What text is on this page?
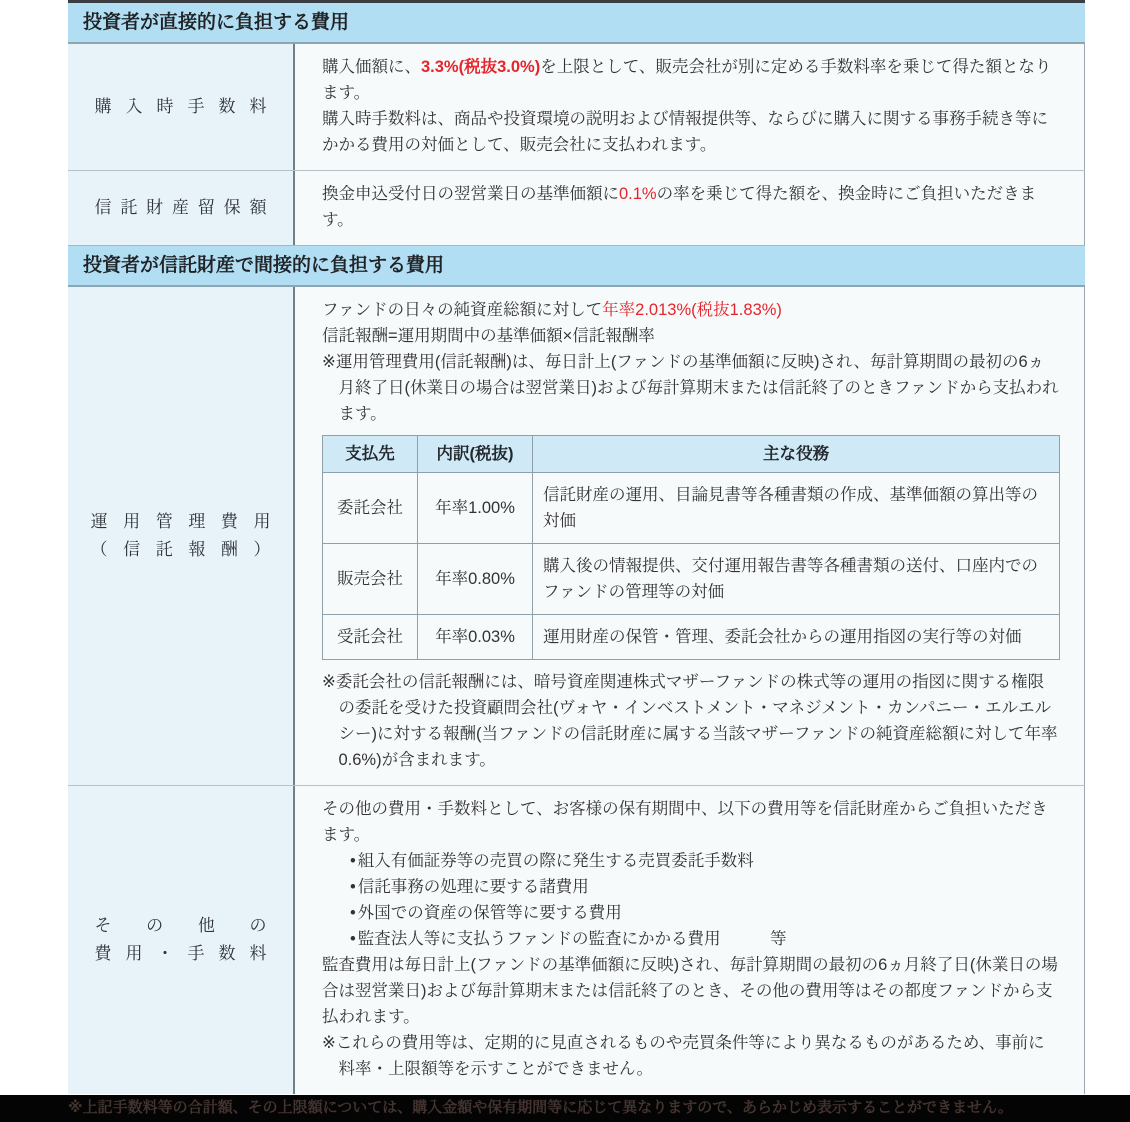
投資者が直接的に負担する費用
購入時手数料

購入価額に、3.3%(税抜3.0%)を上限として、販売会社が別に定める手数料率を乗じて得た額となります。

購入時手数料は、商品や投資環境の説明および情報提供等、ならびに購入に関する事務手続き等にかかる費用の対価として、販売会社に支払われます。

信託財産留保額

換金申込受付日の翌営業日の基準価額に0.1%の率を乗じて得た額を、換金時にご負担いただきます。

投資者が信託財産で間接的に負担する費用
運用管理費用
（信託報酬）

ファンドの日々の純資産総額に対して年率2.013%(税抜1.83%)

信託報酬=運用期間中の基準価額×信託報酬率

※運用管理費用(信託報酬)は、毎日計上(ファンドの基準価額に反映)され、毎計算期間の最初の6ヵ月終了日(休業日の場合は翌営業日)および毎計算期末または信託終了のときファンドから支払われます。

支払先	内訳(税抜)	主な役務
委託会社	年率1.00%	信託財産の運用、目論見書等各種書類の作成、基準価額の算出等の対価
販売会社	年率0.80%	購入後の情報提供、交付運用報告書等各種書類の送付、口座内でのファンドの管理等の対価
受託会社	年率0.03%	運用財産の保管・管理、委託会社からの運用指図の実行等の対価

※委託会社の信託報酬には、暗号資産関連株式マザーファンドの株式等の運用の指図に関する権限の委託を受けた投資顧問会社(ヴォヤ・インベストメント・マネジメント・カンパニー・エルエルシー)に対する報酬(当ファンドの信託財産に属する当該マザーファンドの純資産総額に対して年率0.6%)が含まれます。

その他の
費用・手数料

その他の費用・手数料として、お客様の保有期間中、以下の費用等を信託財産からご負担いただきます。

• 組入有価証券等の売買の際に発生する売買委託手数料
• 信託事務の処理に要する諸費用
• 外国での資産の保管等に要する費用
• 監査法人等に支払うファンドの監査にかかる費用　　　等

監査費用は毎日計上(ファンドの基準価額に反映)され、毎計算期間の最初の6ヵ月終了日(休業日の場合は翌営業日)および毎計算期末または信託終了のとき、その他の費用等はその都度ファンドから支払われます。

※これらの費用等は、定期的に見直されるものや売買条件等により異なるものがあるため、事前に料率・上限額等を示すことができません。

※上記手数料等の合計額、その上限額については、購入金額や保有期間等に応じて異なりますので、あらかじめ表示することができません。
